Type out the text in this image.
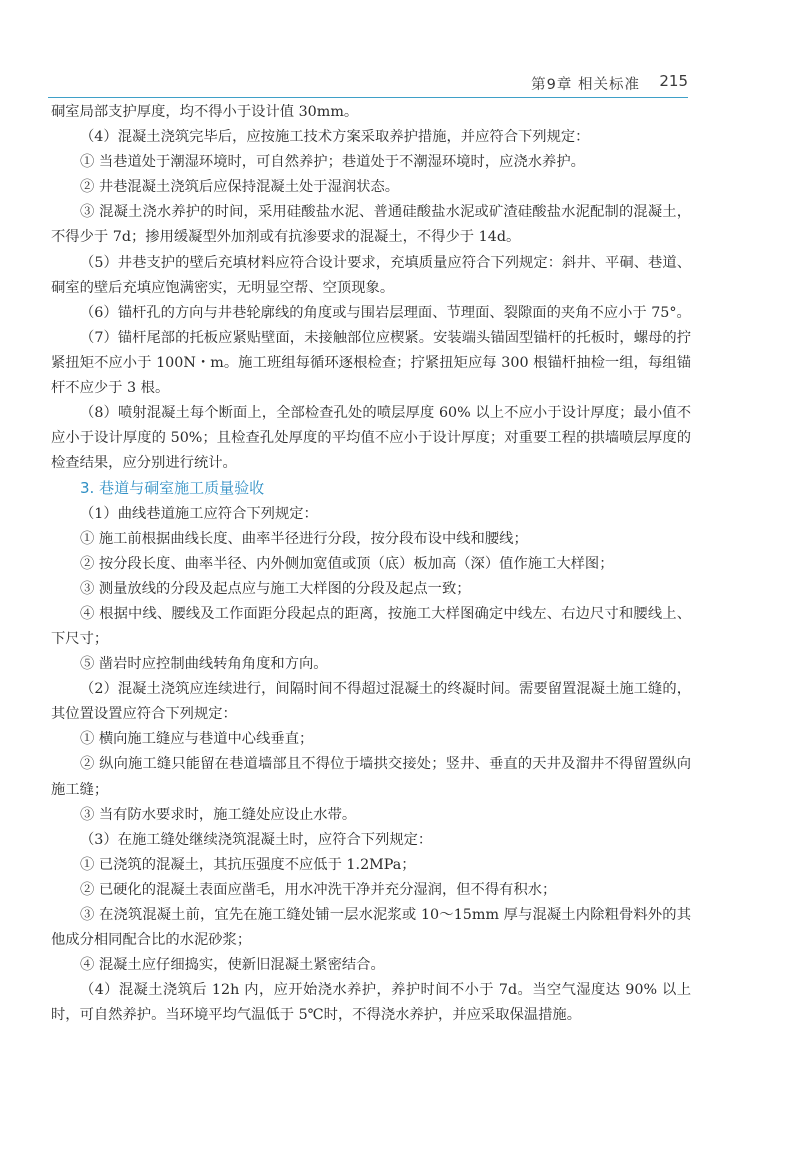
第9章 相关标准 215

硐室局部支护厚度，均不得小于设计值 30mm。

（4）混凝土浇筑完毕后，应按施工技术方案采取养护措施，并应符合下列规定：

① 当巷道处于潮湿环境时，可自然养护；巷道处于不潮湿环境时，应浇水养护。

② 井巷混凝土浇筑后应保持混凝土处于湿润状态。

③ 混凝土浇水养护的时间，采用硅酸盐水泥、普通硅酸盐水泥或矿渣硅酸盐水泥配制的混凝土，不得少于 7d；掺用缓凝型外加剂或有抗渗要求的混凝土，不得少于 14d。

（5）井巷支护的壁后充填材料应符合设计要求，充填质量应符合下列规定：斜井、平硐、巷道、硐室的壁后充填应饱满密实，无明显空帮、空顶现象。

（6）锚杆孔的方向与井巷轮廓线的角度或与围岩层理面、节理面、裂隙面的夹角不应小于 75°。

（7）锚杆尾部的托板应紧贴壁面，未接触部位应楔紧。安装端头锚固型锚杆的托板时，螺母的拧紧扭矩不应小于 100N・m。施工班组每循环逐根检查；拧紧扭矩应每 300 根锚杆抽检一组，每组锚杆不应少于 3 根。

（8）喷射混凝土每个断面上，全部检查孔处的喷层厚度 60% 以上不应小于设计厚度；最小值不应小于设计厚度的 50%；且检查孔处厚度的平均值不应小于设计厚度；对重要工程的拱墙喷层厚度的检查结果，应分别进行统计。

3. 巷道与硐室施工质量验收

（1）曲线巷道施工应符合下列规定：

① 施工前根据曲线长度、曲率半径进行分段，按分段布设中线和腰线；

② 按分段长度、曲率半径、内外侧加宽值或顶（底）板加高（深）值作施工大样图；

③ 测量放线的分段及起点应与施工大样图的分段及起点一致；

④ 根据中线、腰线及工作面距分段起点的距离，按施工大样图确定中线左、右边尺寸和腰线上、下尺寸；

⑤ 凿岩时应控制曲线转角角度和方向。

（2）混凝土浇筑应连续进行，间隔时间不得超过混凝土的终凝时间。需要留置混凝土施工缝的，其位置设置应符合下列规定：

① 横向施工缝应与巷道中心线垂直；

② 纵向施工缝只能留在巷道墙部且不得位于墙拱交接处；竖井、垂直的天井及溜井不得留置纵向施工缝；

③ 当有防水要求时，施工缝处应设止水带。

（3）在施工缝处继续浇筑混凝土时，应符合下列规定：

① 已浇筑的混凝土，其抗压强度不应低于 1.2MPa；

② 已硬化的混凝土表面应凿毛，用水冲洗干净并充分湿润，但不得有积水；

③ 在浇筑混凝土前，宜先在施工缝处铺一层水泥浆或 10～15mm 厚与混凝土内除粗骨料外的其他成分相同配合比的水泥砂浆；

④ 混凝土应仔细捣实，使新旧混凝土紧密结合。

（4）混凝土浇筑后 12h 内，应开始浇水养护，养护时间不小于 7d。当空气湿度达 90% 以上时，可自然养护。当环境平均气温低于 5℃时，不得浇水养护，并应采取保温措施。
